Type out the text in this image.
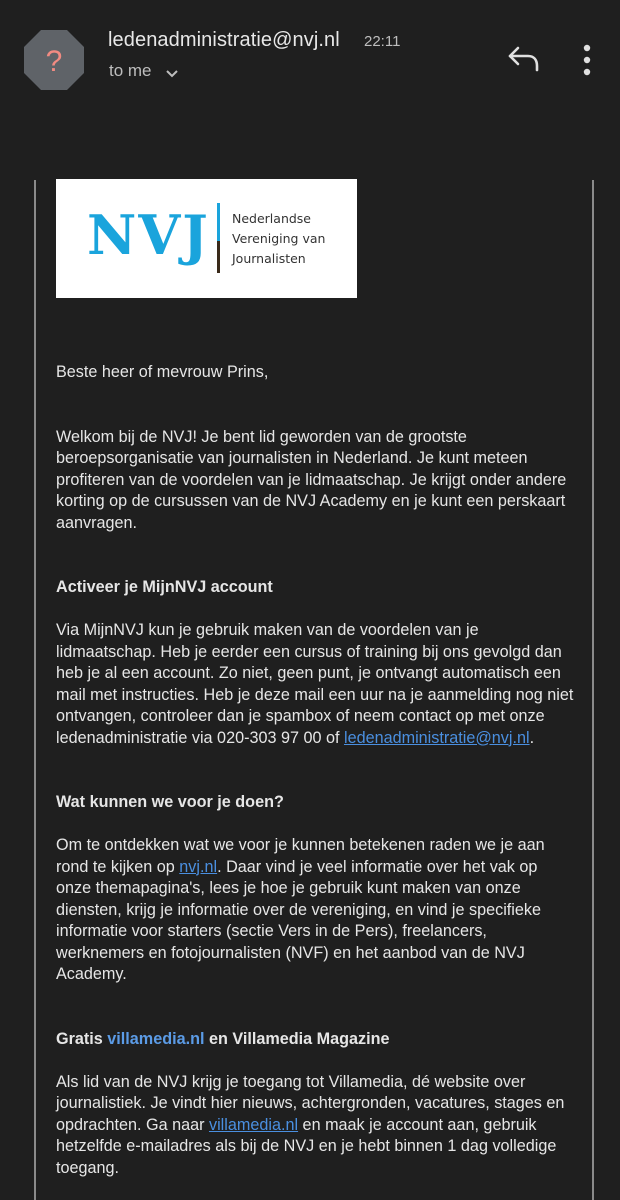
?
ledenadministratie@nvj.nl 22:11
to me
NVJ Nederlandse
Vereniging van
Journalisten

Beste heer of mevrouw Prins,

Welkom bij de NVJ! Je bent lid geworden van de grootste beroepsorganisatie van journalisten in Nederland. Je kunt meteen profiteren van de voordelen van je lidmaatschap. Je krijgt onder andere korting op de cursussen van de NVJ Academy en je kunt een perskaart aanvragen.

Activeer je MijnNVJ account

Via MijnNVJ kun je gebruik maken van de voordelen van je lidmaatschap. Heb je eerder een cursus of training bij ons gevolgd dan heb je al een account. Zo niet, geen punt, je ontvangt automatisch een mail met instructies. Heb je deze mail een uur na je aanmelding nog niet ontvangen, controleer dan je spambox of neem contact op met onze ledenadministratie via 020-303 97 00 of ledenadministratie@nvj.nl.

Wat kunnen we voor je doen?

Om te ontdekken wat we voor je kunnen betekenen raden we je aan rond te kijken op nvj.nl. Daar vind je veel informatie over het vak op onze themapagina's, lees je hoe je gebruik kunt maken van onze diensten, krijg je informatie over de vereniging, en vind je specifieke informatie voor starters (sectie Vers in de Pers), freelancers, werknemers en fotojournalisten (NVF) en het aanbod van de NVJ Academy.

Gratis villamedia.nl en Villamedia Magazine

Als lid van de NVJ krijg je toegang tot Villamedia, dé website over journalistiek. Je vindt hier nieuws, achtergronden, vacatures, stages en opdrachten. Ga naar villamedia.nl en maak je account aan, gebruik hetzelfde e-mailadres als bij de NVJ en je hebt binnen 1 dag volledige toegang.
